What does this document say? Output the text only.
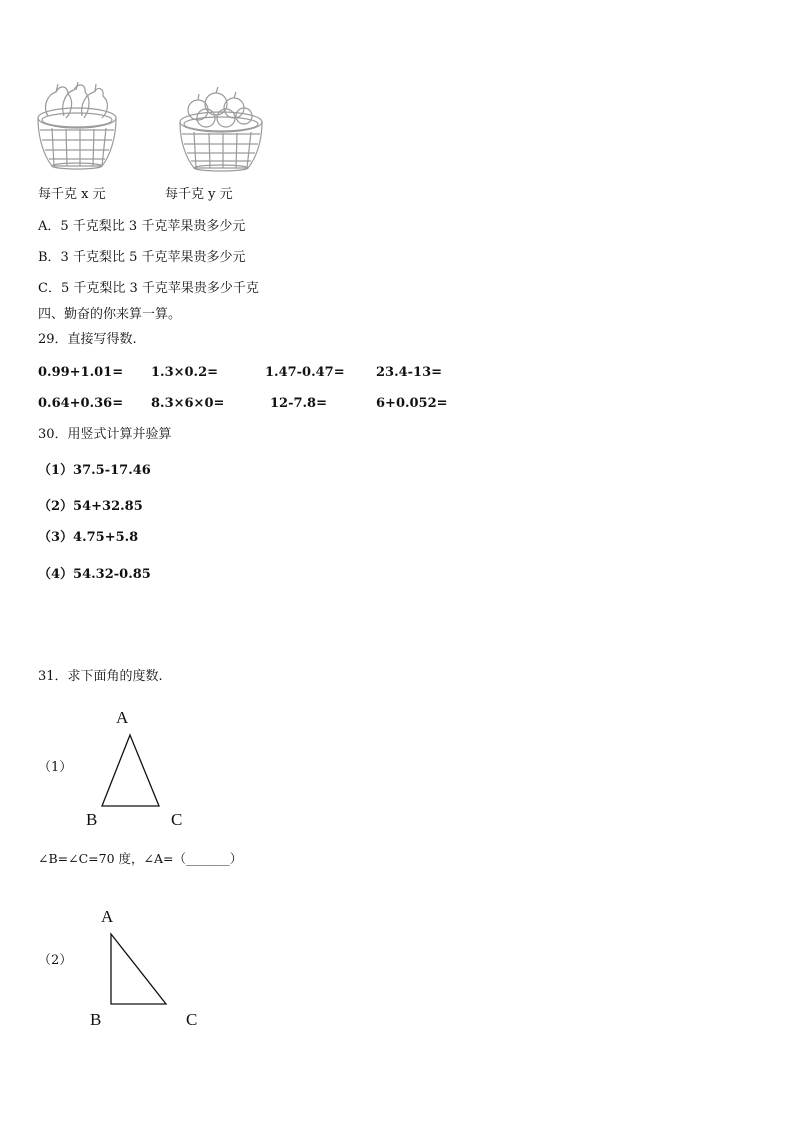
每千克 x 元	每千克 y 元
A．5 千克梨比 3 千克苹果贵多少元
B．3 千克梨比 5 千克苹果贵多少元
C．5 千克梨比 3 千克苹果贵多少千克
四、勤奋的你来算一算。
29．直接写得数.
0.99+1.01= 1.3×0.2=	1.47-0.47= 23.4-13=
0.64+0.36= 8.3×6×0=	12-7.8=	6+0.052=
30．用竖式计算并验算
（1）37.5-17.46
（2）54+32.85
（3）4.75+5.8
（4）54.32-0.85
31．求下面角的度数.
（1）
A
B	C
∠B=∠C=70 度，∠A=（_______）
（2）
A
B	C
